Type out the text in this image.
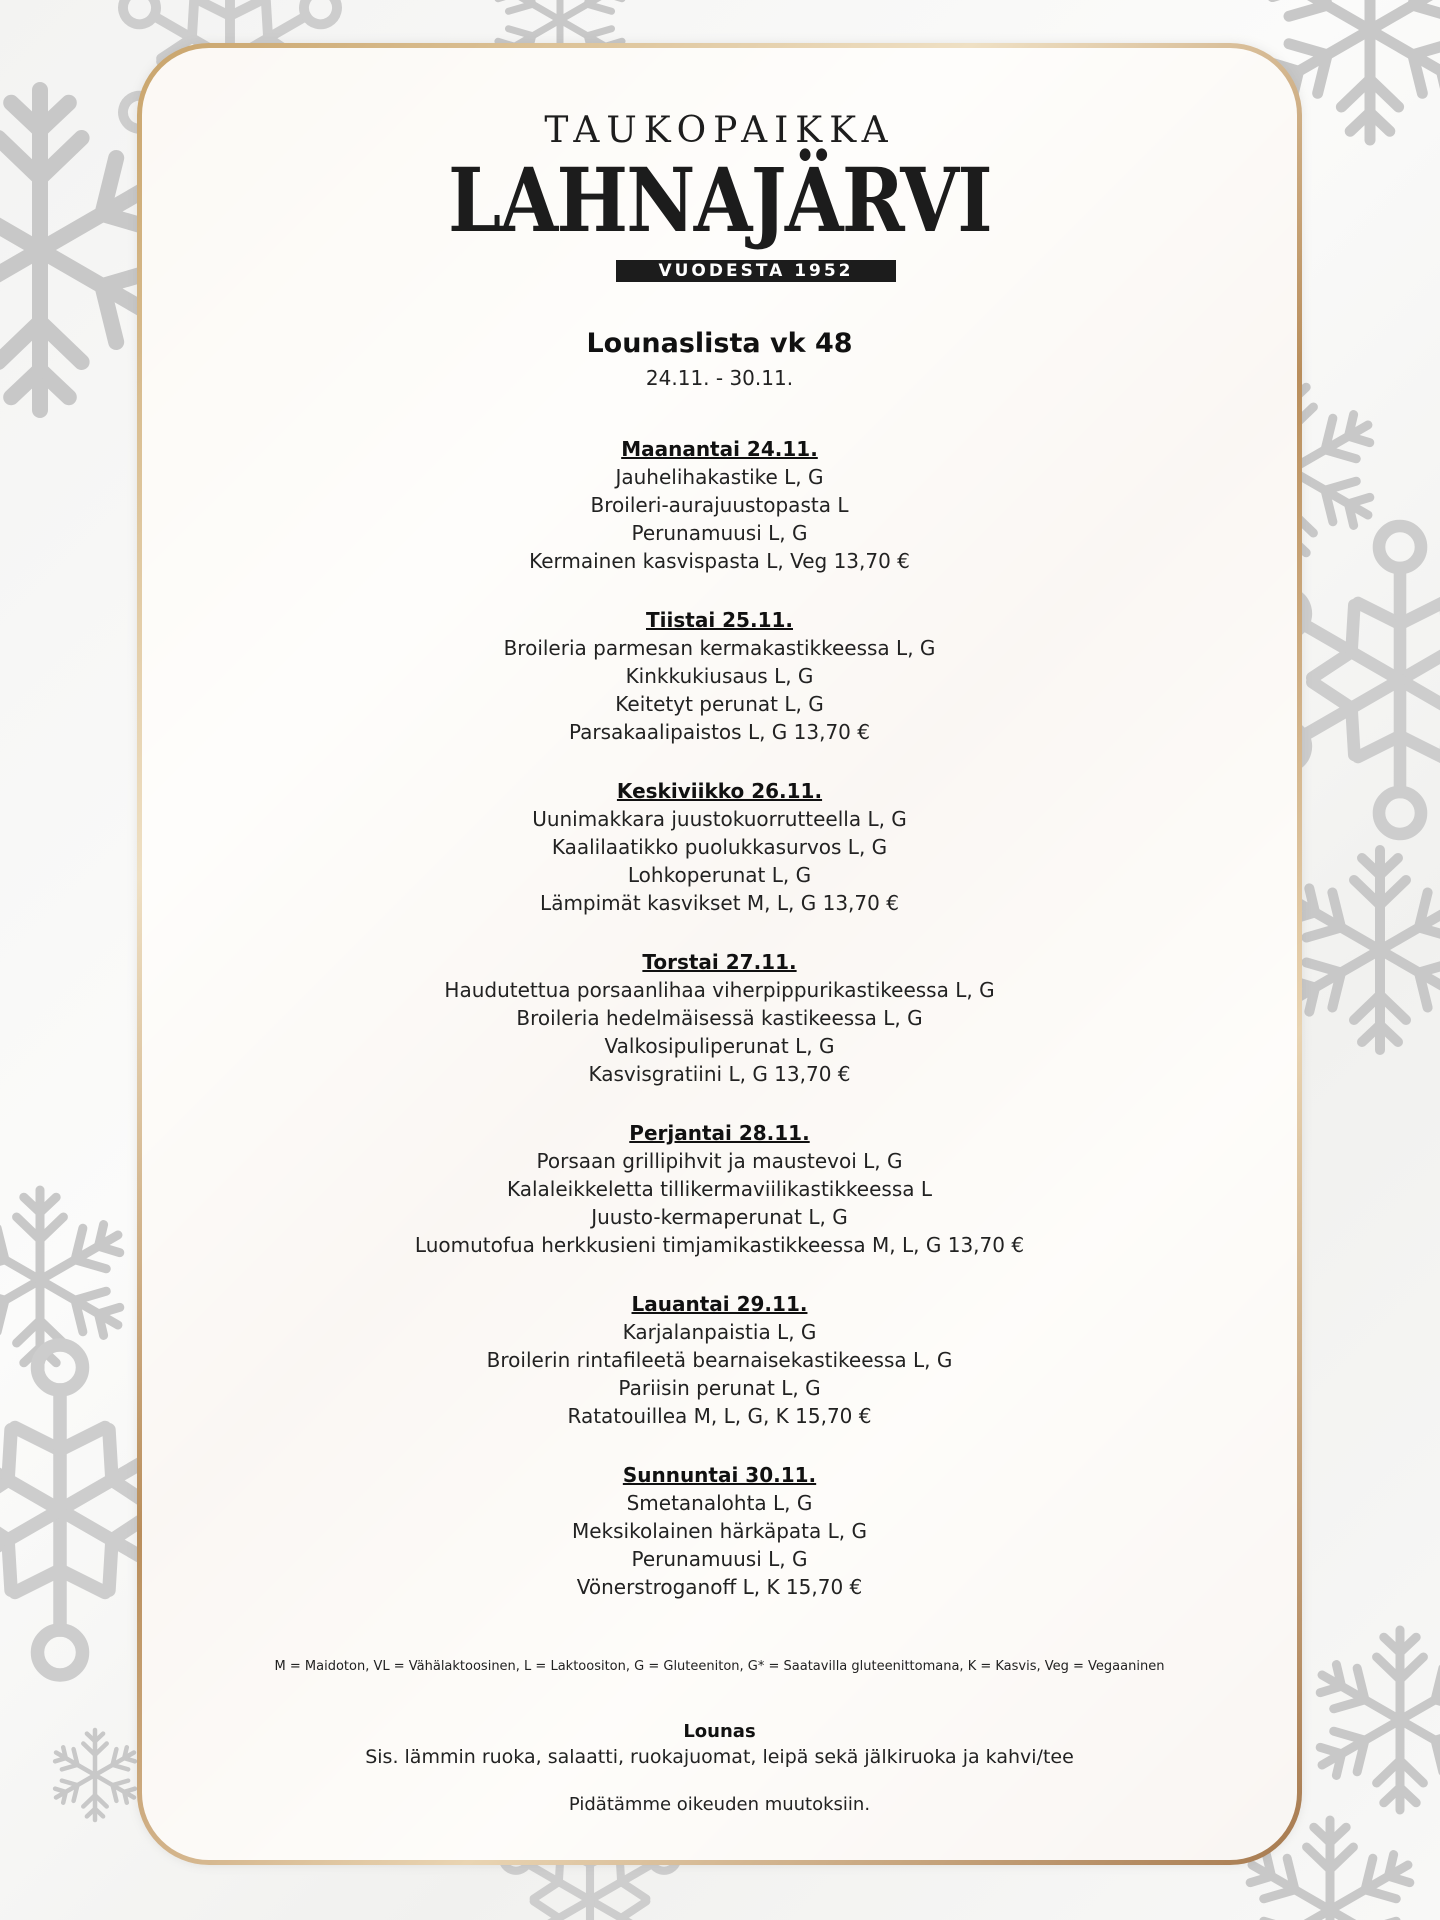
TAUKOPAIKKA
LAHNAJÄRVI
VUODESTA 1952
Lounaslista vk 48
24.11. - 30.11.
Maanantai 24.11.
Jauhelihakastike L, G
Broileri-aurajuustopasta L
Perunamuusi L, G
Kermainen kasvispasta L, Veg 13,70 €
Tiistai 25.11.
Broileria parmesan kermakastikkeessa L, G
Kinkkukiusaus L, G
Keitetyt perunat L, G
Parsakaalipaistos L, G 13,70 €
Keskiviikko 26.11.
Uunimakkara juustokuorrutteella L, G
Kaalilaatikko puolukkasurvos L, G
Lohkoperunat L, G
Lämpimät kasvikset M, L, G 13,70 €
Torstai 27.11.
Haudutettua porsaanlihaa viherpippurikastikeessa L, G
Broileria hedelmäisessä kastikeessa L, G
Valkosipuliperunat L, G
Kasvisgratiini L, G 13,70 €
Perjantai 28.11.
Porsaan grillipihvit ja maustevoi L, G
Kalaleikkeletta tillikermaviilikastikkeessa L
Juusto-kermaperunat L, G
Luomutofua herkkusieni timjamikastikkeessa M, L, G 13,70 €
Lauantai 29.11.
Karjalanpaistia L, G
Broilerin rintafileetä bearnaisekastikeessa L, G
Pariisin perunat L, G
Ratatouillea M, L, G, K 15,70 €
Sunnuntai 30.11.
Smetanalohta L, G
Meksikolainen härkäpata L, G
Perunamuusi L, G
Vönerstroganoff L, K 15,70 €
M = Maidoton, VL = Vähälaktoosinen, L = Laktoositon, G = Gluteeniton, G* = Saatavilla gluteenittomana, K = Kasvis, Veg = Vegaaninen
Lounas
Sis. lämmin ruoka, salaatti, ruokajuomat, leipä sekä jälkiruoka ja kahvi/tee
Pidätämme oikeuden muutoksiin.
